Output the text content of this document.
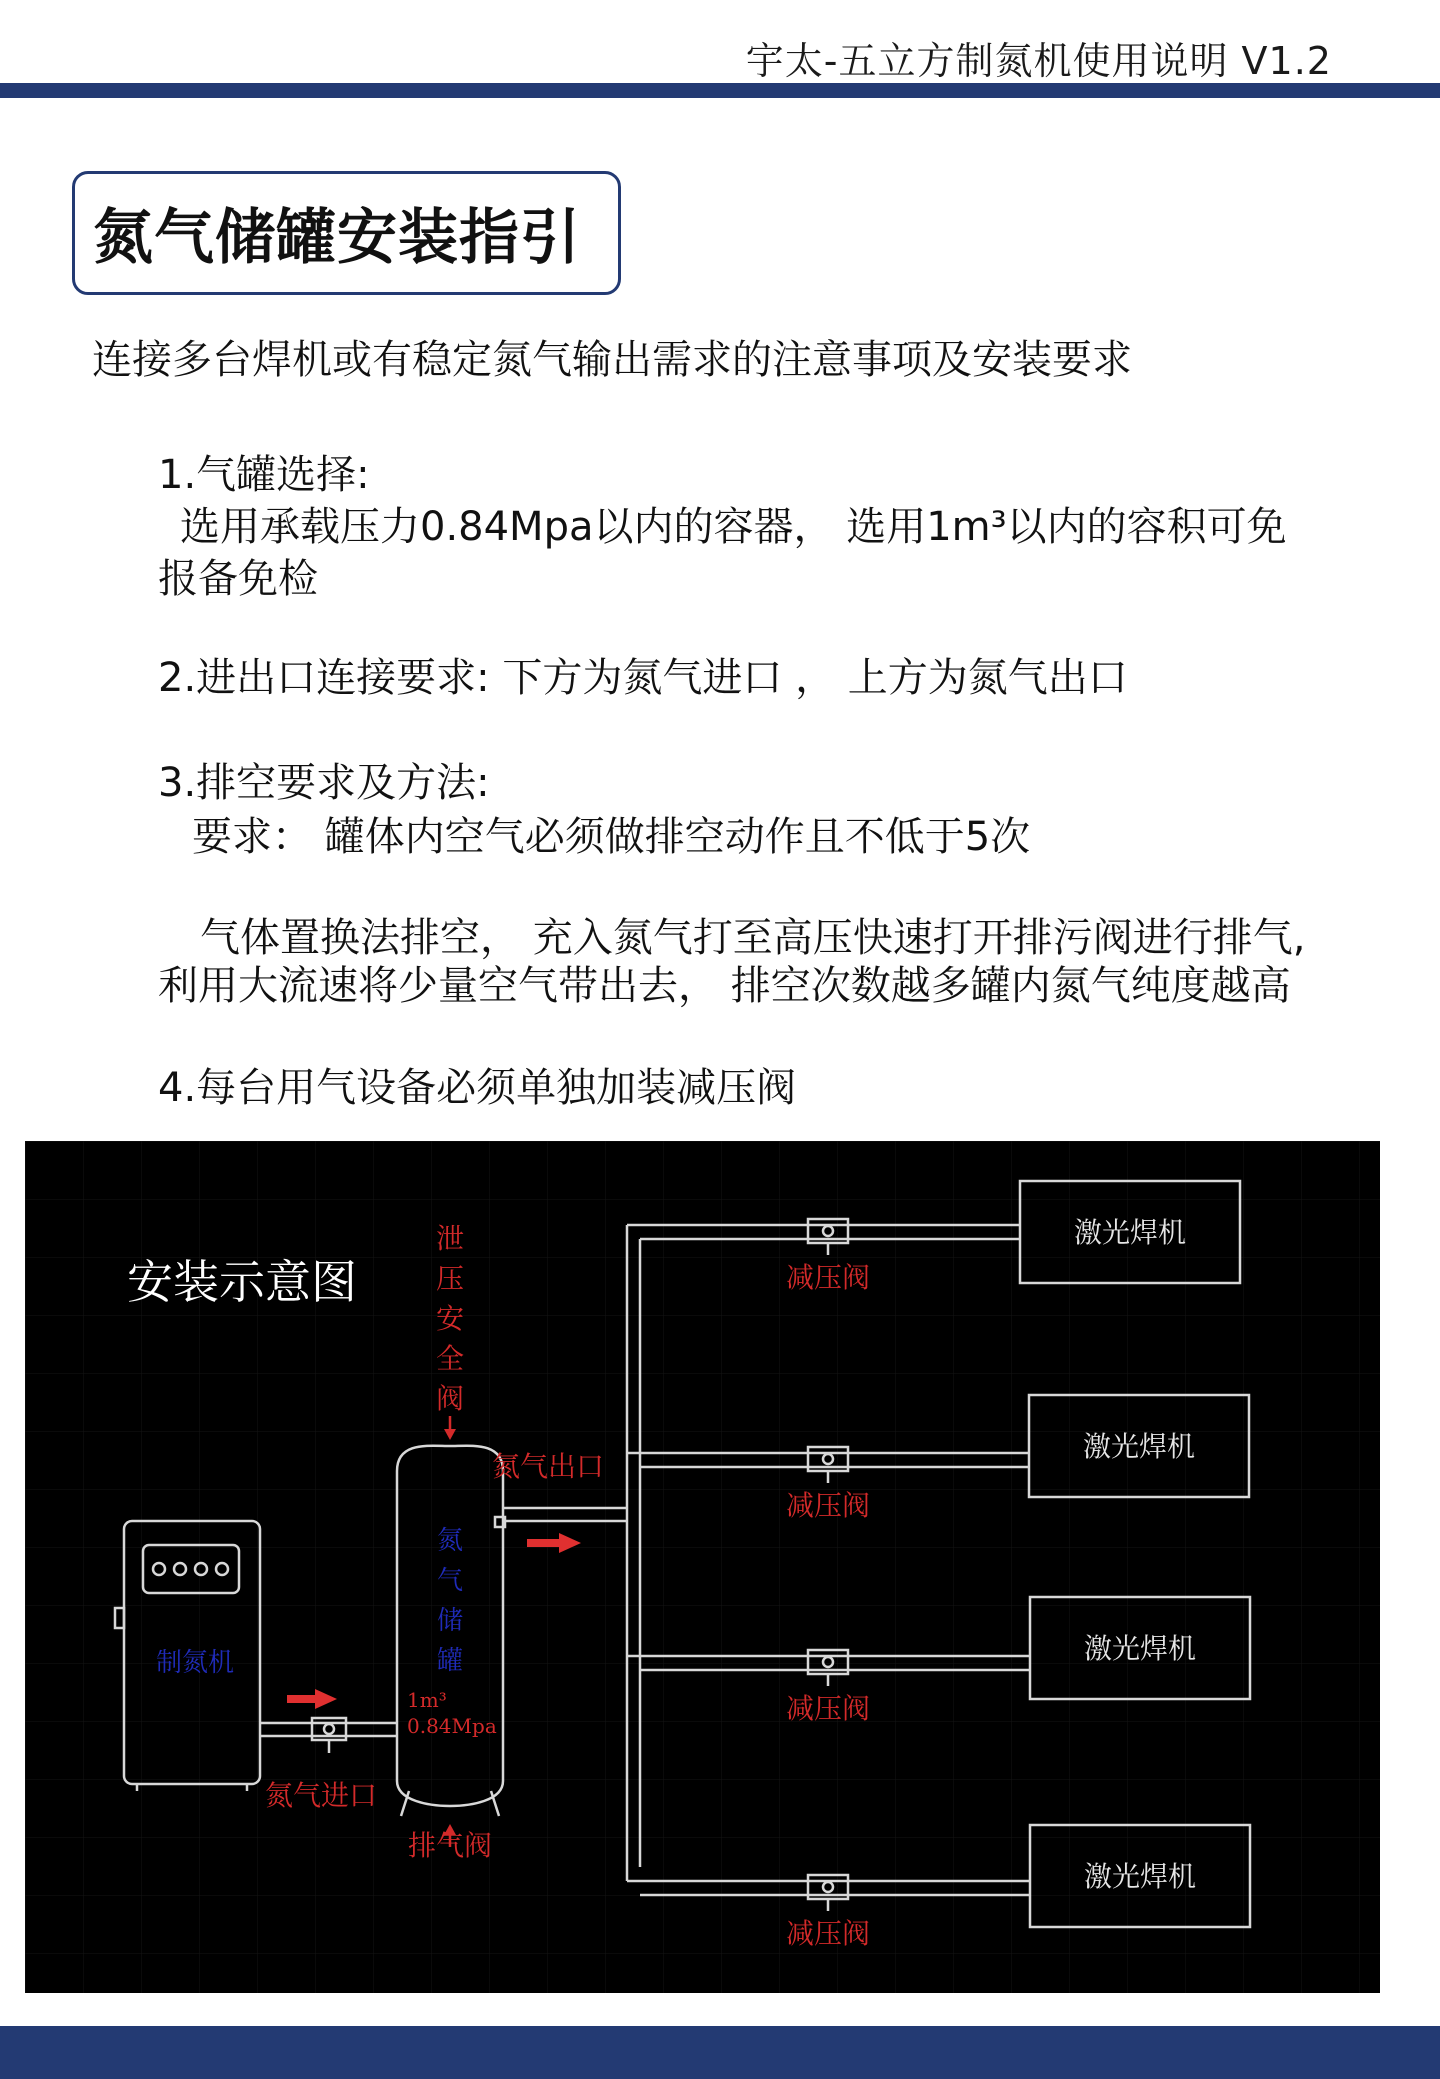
宇太-五立方制氮机使用说明 V1.2
氮气储罐安装指引
连接多台焊机或有稳定氮气输出需求的注意事项及安装要求
1.气罐选择:
选用承载压力0.84Mpa以内的容器， 选用1m³以内的容积可免
报备免检
2.进出口连接要求: 下方为氮气进口 ， 上方为氮气出口
3.排空要求及方法:
要求： 罐体内空气必须做排空动作且不低于5次
气体置换法排空， 充入氮气打至高压快速打开排污阀进行排气,
利用大流速将少量空气带出去， 排空次数越多罐内氮气纯度越高
4.每台用气设备必须单独加装减压阀
制氮机
氮气进口
氮
气
储
罐
1m³
0.84Mpa
泄
压
安
全
阀
排气阀
氮气出口
减压阀
激光焊机
减压阀
激光焊机
减压阀
激光焊机
减压阀
激光焊机
安装示意图
